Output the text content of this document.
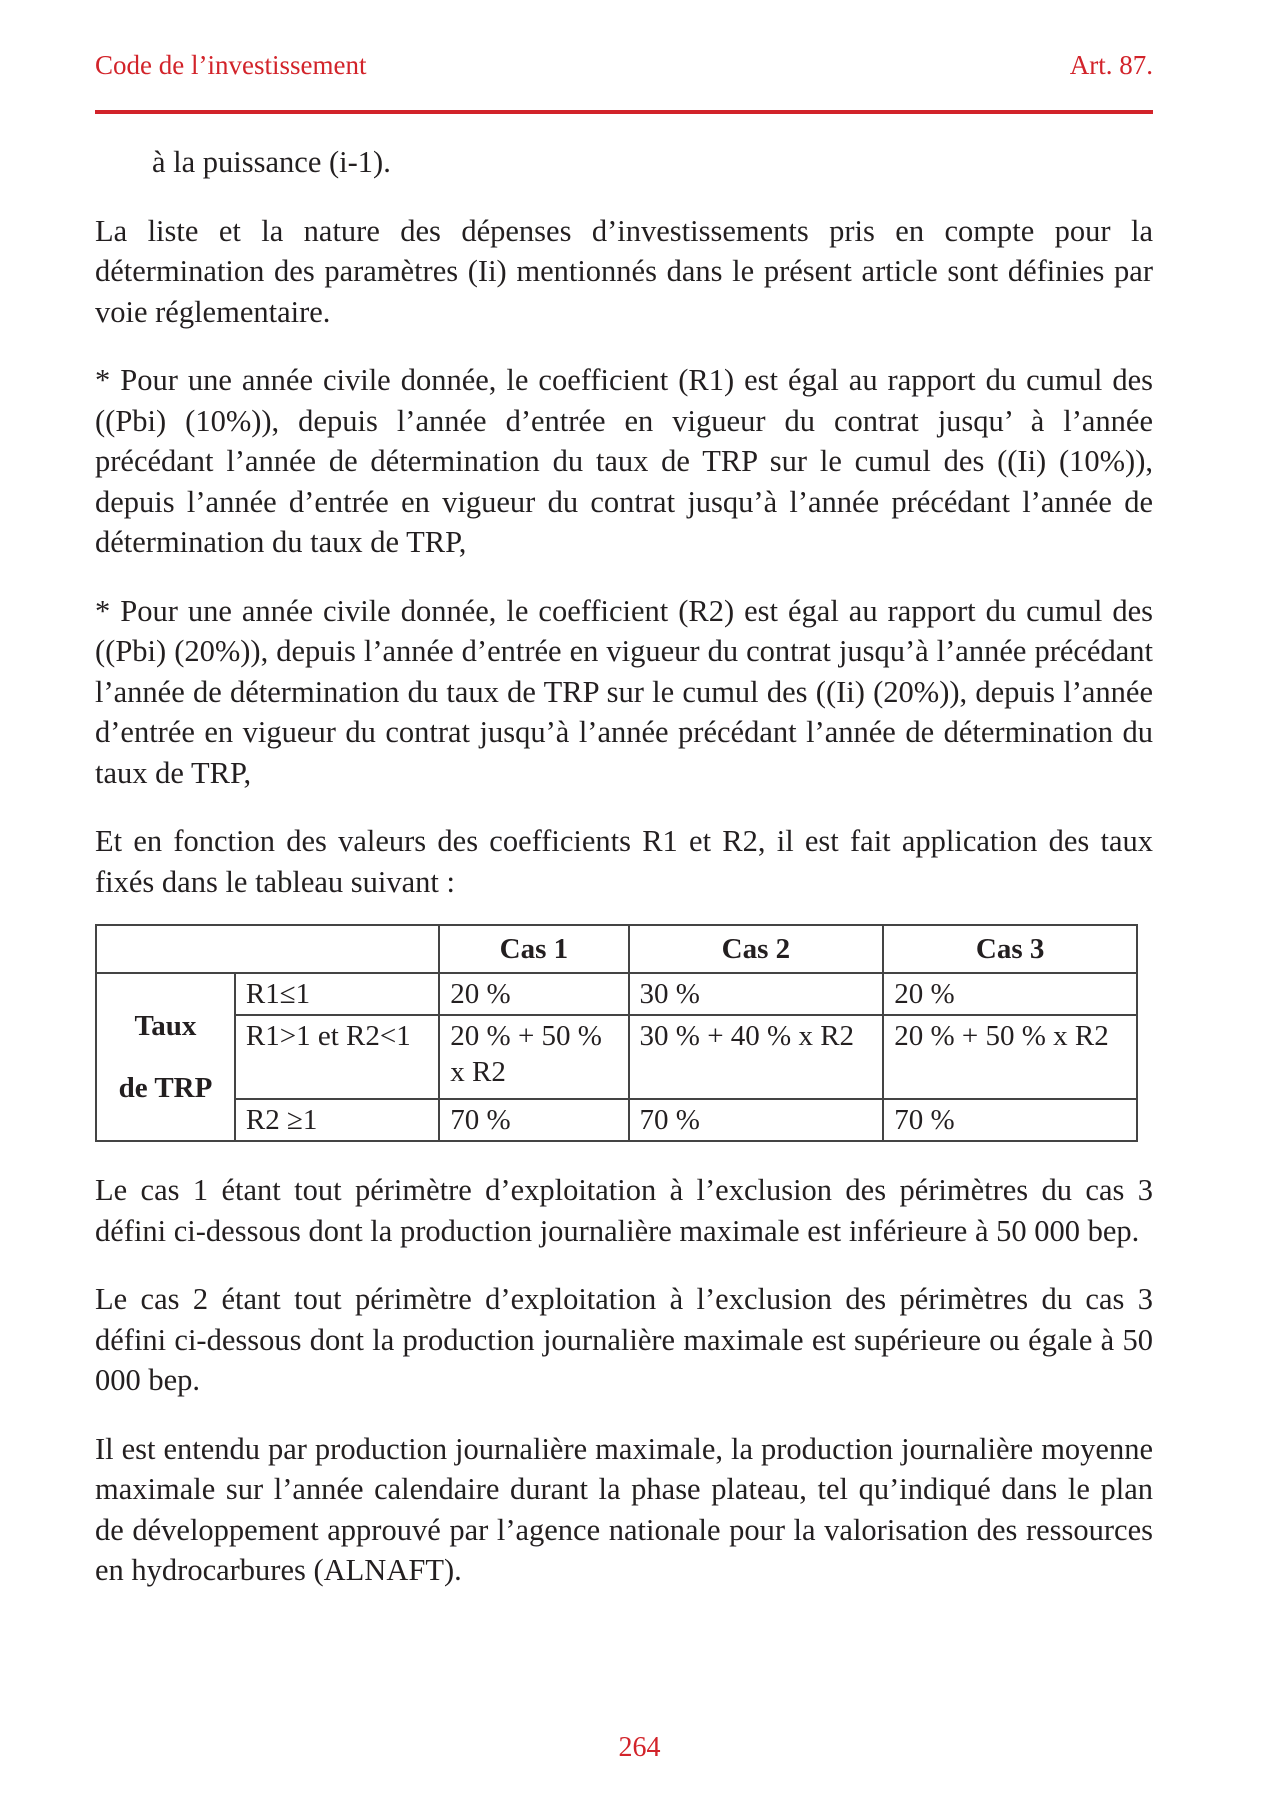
Code de l’investissement	Art. 87.

à la puissance (i-1).

La liste et la nature des dépenses d’investissements pris en compte pour la détermination des paramètres (Ii) mentionnés dans le présent article sont définies par voie réglementaire.

* Pour une année civile donnée, le coefficient (R1) est égal au rapport du cumul des ((Pbi) (10%)), depuis l’année d’entrée en vigueur du contrat jusqu’ à l’année précédant l’année de détermination du taux de TRP sur le cumul des ((Ii) (10%)), depuis l’année d’entrée en vigueur du contrat jusqu’à l’année précédant l’année de détermination du taux de TRP,

* Pour une année civile donnée, le coefficient (R2) est égal au rapport du cumul des ((Pbi) (20%)), depuis l’année d’entrée en vigueur du contrat jusqu’à l’année précédant l’année de détermination du taux de TRP sur le cumul des ((Ii) (20%)), depuis l’année d’entrée en vigueur du contrat jusqu’à l’année précédant l’année de détermination du taux de TRP,

Et en fonction des valeurs des coefficients R1 et R2, il est fait application des taux fixés dans le tableau suivant :

		Cas 1	Cas 2	Cas 3

Taux
de TRP	R1≤1	20 %	30 %	20 %
	R1>1 et R2<1	20 % + 50 % x R2	30 % + 40 % x R2	20 % + 50 % x R2
	R2 ≥1	70 %	70 %	70 %

Le cas 1 étant tout périmètre d’exploitation à l’exclusion des périmètres du cas 3 défini ci-dessous dont la production journalière maximale est inférieure à 50 000 bep.

Le cas 2 étant tout périmètre d’exploitation à l’exclusion des périmètres du cas 3 défini ci-dessous dont la production journalière maximale est supérieure ou égale à 50 000 bep.

Il est entendu par production journalière maximale, la production journalière moyenne maximale sur l’année calendaire durant la phase plateau, tel qu’indiqué dans le plan de développement approuvé par l’agence nationale pour la valorisation des ressources en hydrocarbures (ALNAFT).

264
